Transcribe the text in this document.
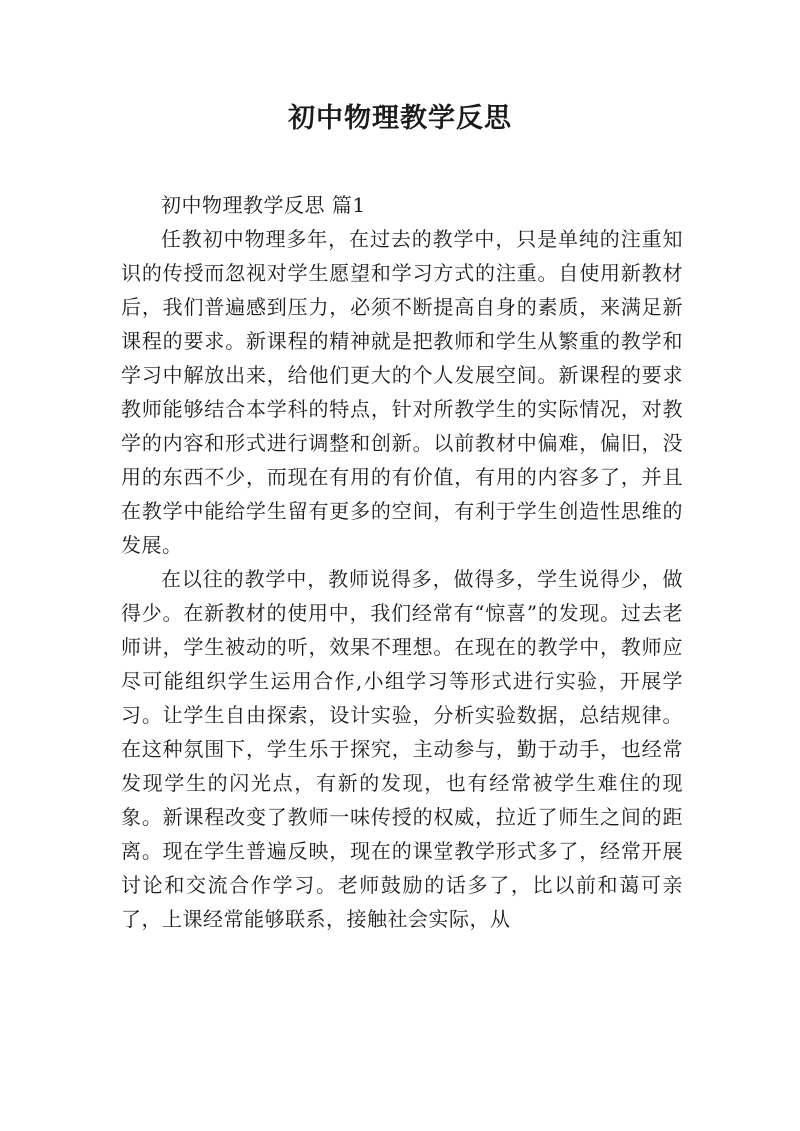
初中物理教学反思

初中物理教学反思 篇1

任教初中物理多年，在过去的教学中，只是单纯的注重知识的传授而忽视对学生愿望和学习方式的注重。自使用新教材后，我们普遍感到压力，必须不断提高自身的素质，来满足新课程的要求。新课程的精神就是把教师和学生从繁重的教学和学习中解放出来，给他们更大的个人发展空间。新课程的要求教师能够结合本学科的特点，针对所教学生的实际情况，对教学的内容和形式进行调整和创新。以前教材中偏难，偏旧，没用的东西不少，而现在有用的有价值，有用的内容多了，并且在教学中能给学生留有更多的空间，有利于学生创造性思维的发展。

在以往的教学中，教师说得多，做得多，学生说得少，做得少。在新教材的使用中，我们经常有“惊喜”的发现。过去老师讲，学生被动的听，效果不理想。在现在的教学中，教师应尽可能组织学生运用合作,小组学习等形式进行实验，开展学习。让学生自由探索，设计实验，分析实验数据，总结规律。在这种氛围下，学生乐于探究，主动参与，勤于动手，也经常发现学生的闪光点，有新的发现，也有经常被学生难住的现象。新课程改变了教师一味传授的权威，拉近了师生之间的距离。现在学生普遍反映，现在的课堂教学形式多了，经常开展讨论和交流合作学习。老师鼓励的话多了，比以前和蔼可亲了，上课经常能够联系，接触社会实际，从
